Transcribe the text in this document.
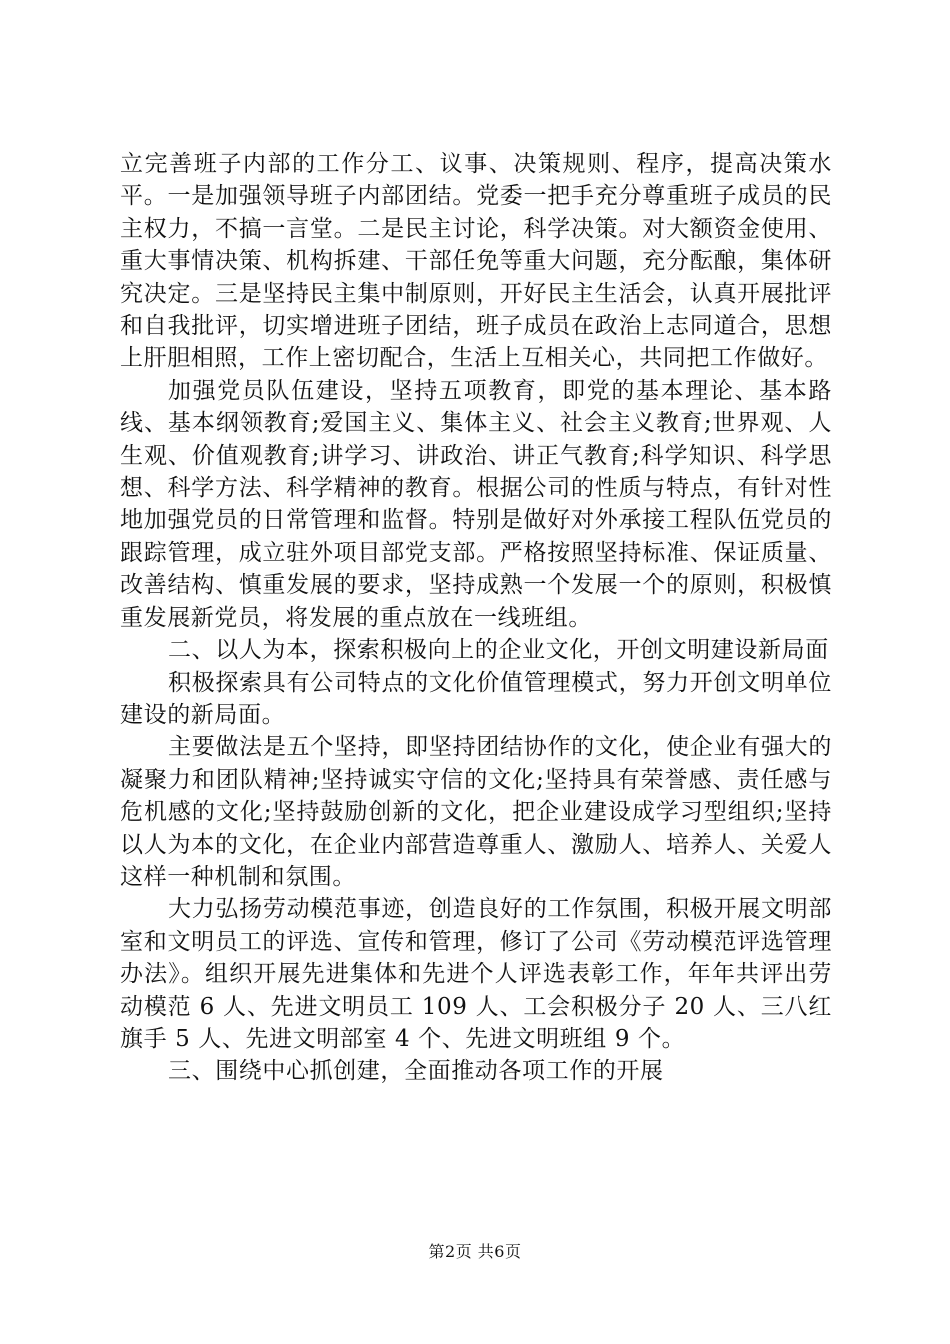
立完善班子内部的工作分工、议事、决策规则、程序，提高决策水平。一是加强领导班子内部团结。党委一把手充分尊重班子成员的民主权力，不搞一言堂。二是民主讨论，科学决策。对大额资金使用、重大事情决策、机构拆建、干部任免等重大问题，充分酝酿，集体研究决定。三是坚持民主集中制原则，开好民主生活会，认真开展批评和自我批评，切实增进班子团结，班子成员在政治上志同道合，思想上肝胆相照，工作上密切配合，生活上互相关心，共同把工作做好。

加强党员队伍建设，坚持五项教育，即党的基本理论、基本路线、基本纲领教育;爱国主义、集体主义、社会主义教育;世界观、人生观、价值观教育;讲学习、讲政治、讲正气教育;科学知识、科学思想、科学方法、科学精神的教育。根据公司的性质与特点，有针对性地加强党员的日常管理和监督。特别是做好对外承接工程队伍党员的跟踪管理，成立驻外项目部党支部。严格按照坚持标准、保证质量、改善结构、慎重发展的要求，坚持成熟一个发展一个的原则，积极慎重发展新党员，将发展的重点放在一线班组。

二、以人为本，探索积极向上的企业文化，开创文明建设新局面

积极探索具有公司特点的文化价值管理模式，努力开创文明单位建设的新局面。

主要做法是五个坚持，即坚持团结协作的文化，使企业有强大的凝聚力和团队精神;坚持诚实守信的文化;坚持具有荣誉感、责任感与危机感的文化;坚持鼓励创新的文化，把企业建设成学习型组织;坚持以人为本的文化，在企业内部营造尊重人、激励人、培养人、关爱人这样一种机制和氛围。

大力弘扬劳动模范事迹，创造良好的工作氛围，积极开展文明部室和文明员工的评选、宣传和管理，修订了公司《劳动模范评选管理办法》。组织开展先进集体和先进个人评选表彰工作，年年共评出劳动模范 6 人、先进文明员工 109 人、工会积极分子 20 人、三八红旗手 5 人、先进文明部室 4 个、先进文明班组 9 个。

三、围绕中心抓创建，全面推动各项工作的开展

第2页 共6页
